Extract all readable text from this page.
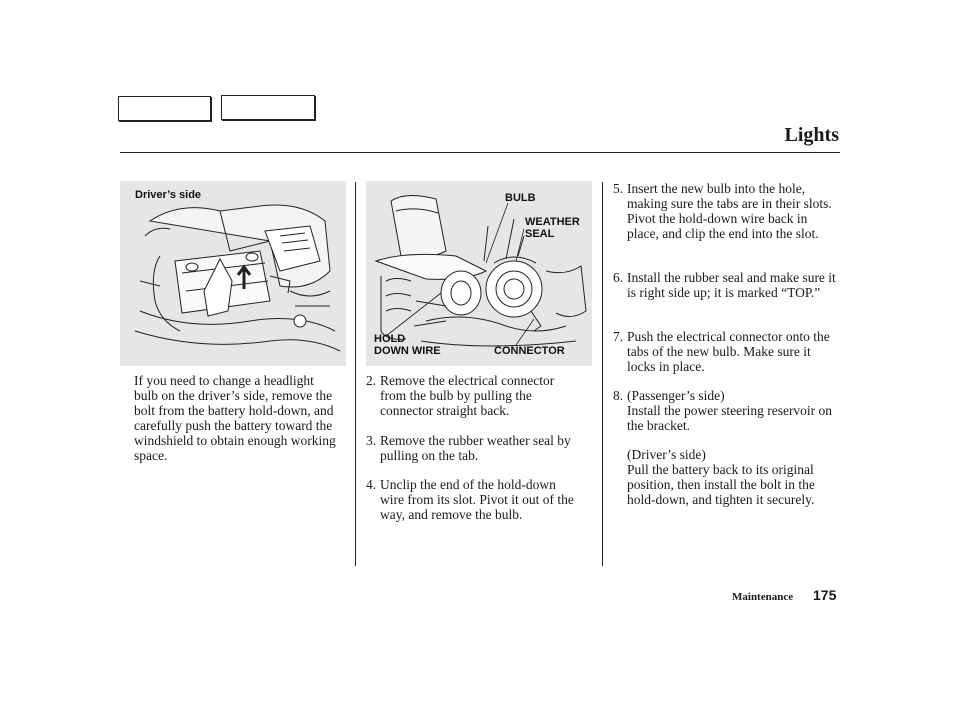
Lights
Driver’s side	BULB
WEATHER
SEAL
HOLD
DOWN WIRE	CONNECTOR
If you need to change a headlight bulb on the driver’s side, remove the bolt from the battery hold-down, and carefully push the battery toward the windshield to obtain enough working space.
2. Remove the electrical connector from the bulb by pulling the connector straight back.
3. Remove the rubber weather seal by pulling on the tab.
4. Unclip the end of the hold-down wire from its slot. Pivot it out of the way, and remove the bulb.
5. Insert the new bulb into the hole, making sure the tabs are in their slots. Pivot the hold-down wire back in place, and clip the end into the slot.
6. Install the rubber seal and make sure it is right side up; it is marked “TOP.”
7. Push the electrical connector onto the tabs of the new bulb. Make sure it locks in place.
8. (Passenger’s side)
Install the power steering reservoir on the bracket.
(Driver’s side)
Pull the battery back to its original position, then install the bolt in the hold-down, and tighten it securely.
Maintenance 175
